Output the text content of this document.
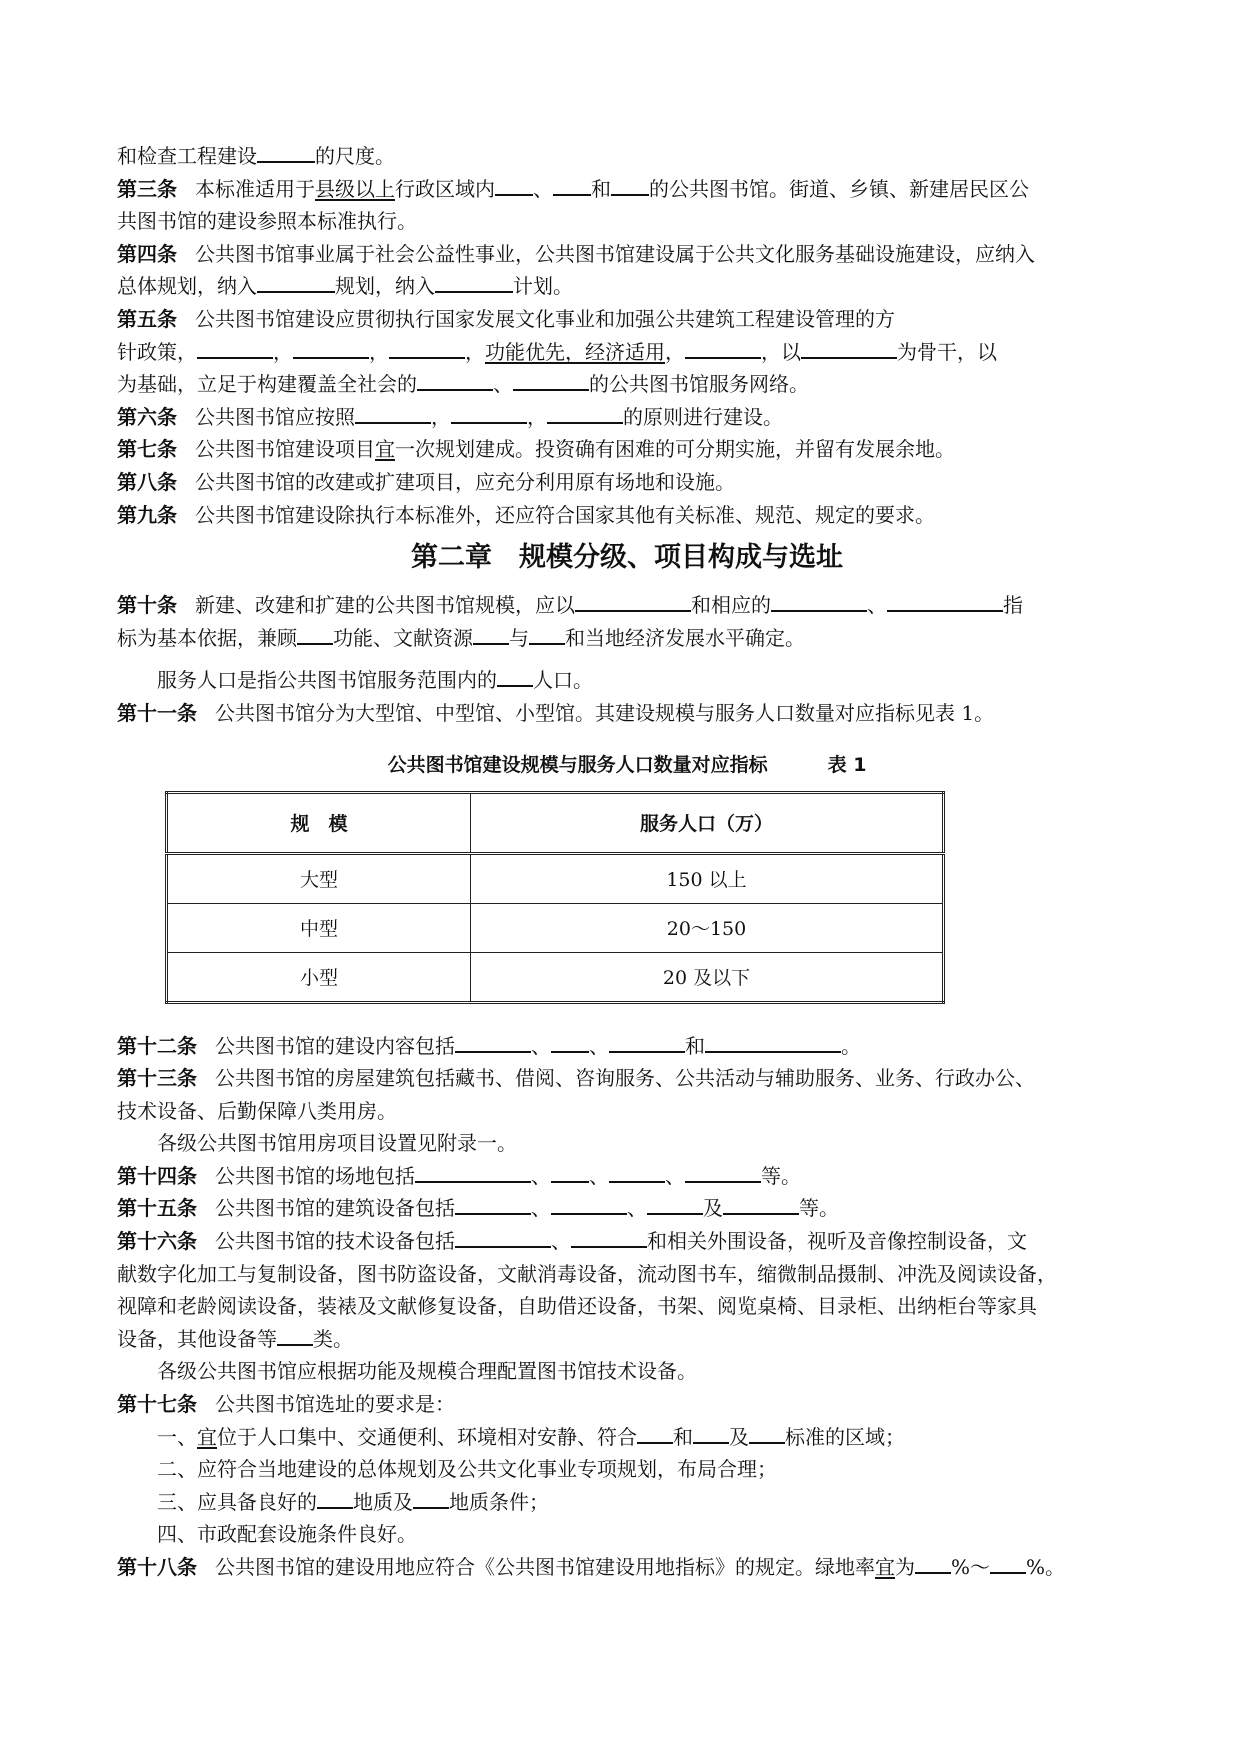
和检查工程建设	的尺度。
第三条 本标准适用于县级以上行政区域内 、 和 的公共图书馆。街道、乡镇、新建居民区公
共图书馆的建设参照本标准执行。
第四条 公共图书馆事业属于社会公益性事业，公共图书馆建设属于公共文化服务基础设施建设，应纳入
总体规划，纳入	规划，纳入	计划。
第五条 公共图书馆建设应贯彻执行国家发展文化事业和加强公共建筑工程建设管理的方
针政策，	，	，	，功能优先，经济适用，	，以	为骨干，以
为基础，立足于构建覆盖全社会的	、	的公共图书馆服务网络。
第六条 公共图书馆应按照	，	，	的原则进行建设。
第七条 公共图书馆建设项目宜一次规划建成。投资确有困难的可分期实施，并留有发展余地。
第八条 公共图书馆的改建或扩建项目，应充分利用原有场地和设施。
第九条 公共图书馆建设除执行本标准外，还应符合国家其他有关标准、规范、规定的要求。
第二章　规模分级、项目构成与选址
第十条 新建、改建和扩建的公共图书馆规模，应以	和相应的	、	指
标为基本依据，兼顾 功能、文献资源 与 和当地经济发展水平确定。
服务人口是指公共图书馆服务范围内的 人口。
第十一条 公共图书馆分为大型馆、中型馆、小型馆。其建设规模与服务人口数量对应指标见表 1。
公共图书馆建设规模与服务人口数量对应指标	表 1
规　模	服务人口（万）
大型	150 以上
中型	20～150
小型	20 及以下
第十二条 公共图书馆的建设内容包括	、 、	和	。
第十三条 公共图书馆的房屋建筑包括藏书、借阅、咨询服务、公共活动与辅助服务、业务、行政办公、
技术设备、后勤保障八类用房。
各级公共图书馆用房项目设置见附录一。
第十四条 公共图书馆的场地包括	、 、	、	等。
第十五条 公共图书馆的建筑设备包括	、	、	及	等。
第十六条 公共图书馆的技术设备包括	、	和相关外围设备，视听及音像控制设备，文
献数字化加工与复制设备，图书防盗设备，文献消毒设备，流动图书车，缩微制品摄制、冲洗及阅读设备，
视障和老龄阅读设备，装裱及文献修复设备，自助借还设备，书架、阅览桌椅、目录柜、出纳柜台等家具
设备，其他设备等 类。
各级公共图书馆应根据功能及规模合理配置图书馆技术设备。
第十七条 公共图书馆选址的要求是：
一、宜位于人口集中、交通便利、环境相对安静、符合 和 及 标准的区域；
二、应符合当地建设的总体规划及公共文化事业专项规划，布局合理；
三、应具备良好的 地质及 地质条件；
四、市政配套设施条件良好。
第十八条 公共图书馆的建设用地应符合《公共图书馆建设用地指标》的规定。绿地率宜为 %～ %。
